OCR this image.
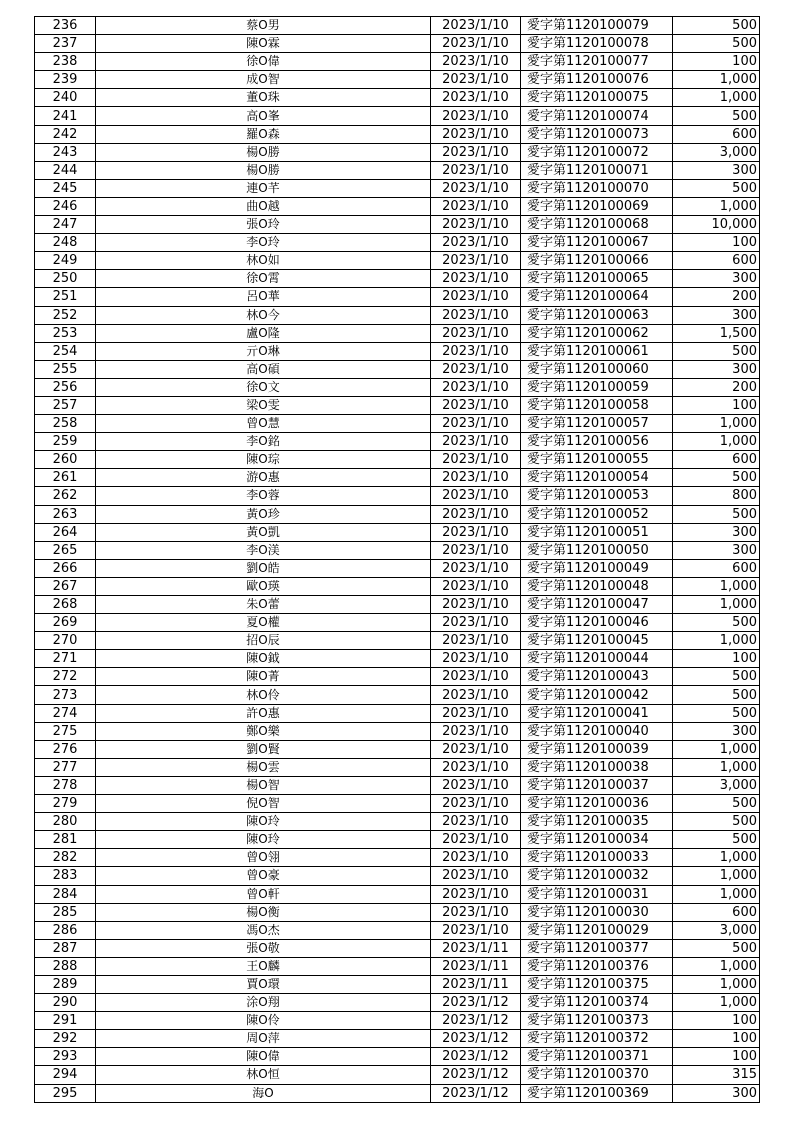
236	蔡O男	2023/1/10	愛字第1120100079	500
237	陳O霖	2023/1/10	愛字第1120100078	500
238	徐O偉	2023/1/10	愛字第1120100077	100
239	成O智	2023/1/10	愛字第1120100076	1,000
240	董O珠	2023/1/10	愛字第1120100075	1,000
241	高O峯	2023/1/10	愛字第1120100074	500
242	羅O森	2023/1/10	愛字第1120100073	600
243	楊O勝	2023/1/10	愛字第1120100072	3,000
244	楊O勝	2023/1/10	愛字第1120100071	300
245	連O芊	2023/1/10	愛字第1120100070	500
246	曲O越	2023/1/10	愛字第1120100069	1,000
247	張O玲	2023/1/10	愛字第1120100068	10,000
248	李O玲	2023/1/10	愛字第1120100067	100
249	林O如	2023/1/10	愛字第1120100066	600
250	徐O霄	2023/1/10	愛字第1120100065	300
251	呂O華	2023/1/10	愛字第1120100064	200
252	林O今	2023/1/10	愛字第1120100063	300
253	盧O隆	2023/1/10	愛字第1120100062	1,500
254	亓O琳	2023/1/10	愛字第1120100061	500
255	高O碩	2023/1/10	愛字第1120100060	300
256	徐O文	2023/1/10	愛字第1120100059	200
257	梁O雯	2023/1/10	愛字第1120100058	100
258	曾O慧	2023/1/10	愛字第1120100057	1,000
259	李O銘	2023/1/10	愛字第1120100056	1,000
260	陳O琮	2023/1/10	愛字第1120100055	600
261	游O惠	2023/1/10	愛字第1120100054	500
262	李O蓉	2023/1/10	愛字第1120100053	800
263	黃O珍	2023/1/10	愛字第1120100052	500
264	黃O凱	2023/1/10	愛字第1120100051	300
265	李O渼	2023/1/10	愛字第1120100050	300
266	劉O皓	2023/1/10	愛字第1120100049	600
267	歐O瑛	2023/1/10	愛字第1120100048	1,000
268	朱O蕾	2023/1/10	愛字第1120100047	1,000
269	夏O權	2023/1/10	愛字第1120100046	500
270	招O辰	2023/1/10	愛字第1120100045	1,000
271	陳O鉞	2023/1/10	愛字第1120100044	100
272	陳O菁	2023/1/10	愛字第1120100043	500
273	林O伶	2023/1/10	愛字第1120100042	500
274	許O惠	2023/1/10	愛字第1120100041	500
275	鄭O樂	2023/1/10	愛字第1120100040	300
276	劉O賢	2023/1/10	愛字第1120100039	1,000
277	楊O雲	2023/1/10	愛字第1120100038	1,000
278	楊O智	2023/1/10	愛字第1120100037	3,000
279	倪O智	2023/1/10	愛字第1120100036	500
280	陳O玲	2023/1/10	愛字第1120100035	500
281	陳O玲	2023/1/10	愛字第1120100034	500
282	曾O翎	2023/1/10	愛字第1120100033	1,000
283	曾O豪	2023/1/10	愛字第1120100032	1,000
284	曾O軒	2023/1/10	愛字第1120100031	1,000
285	楊O衡	2023/1/10	愛字第1120100030	600
286	馮O杰	2023/1/10	愛字第1120100029	3,000
287	張O敬	2023/1/11	愛字第1120100377	500
288	王O麟	2023/1/11	愛字第1120100376	1,000
289	賈O環	2023/1/11	愛字第1120100375	1,000
290	涂O翔	2023/1/12	愛字第1120100374	1,000
291	陳O伶	2023/1/12	愛字第1120100373	100
292	周O萍	2023/1/12	愛字第1120100372	100
293	陳O偉	2023/1/12	愛字第1120100371	100
294	林O恒	2023/1/12	愛字第1120100370	315
295	海O	2023/1/12	愛字第1120100369	300
